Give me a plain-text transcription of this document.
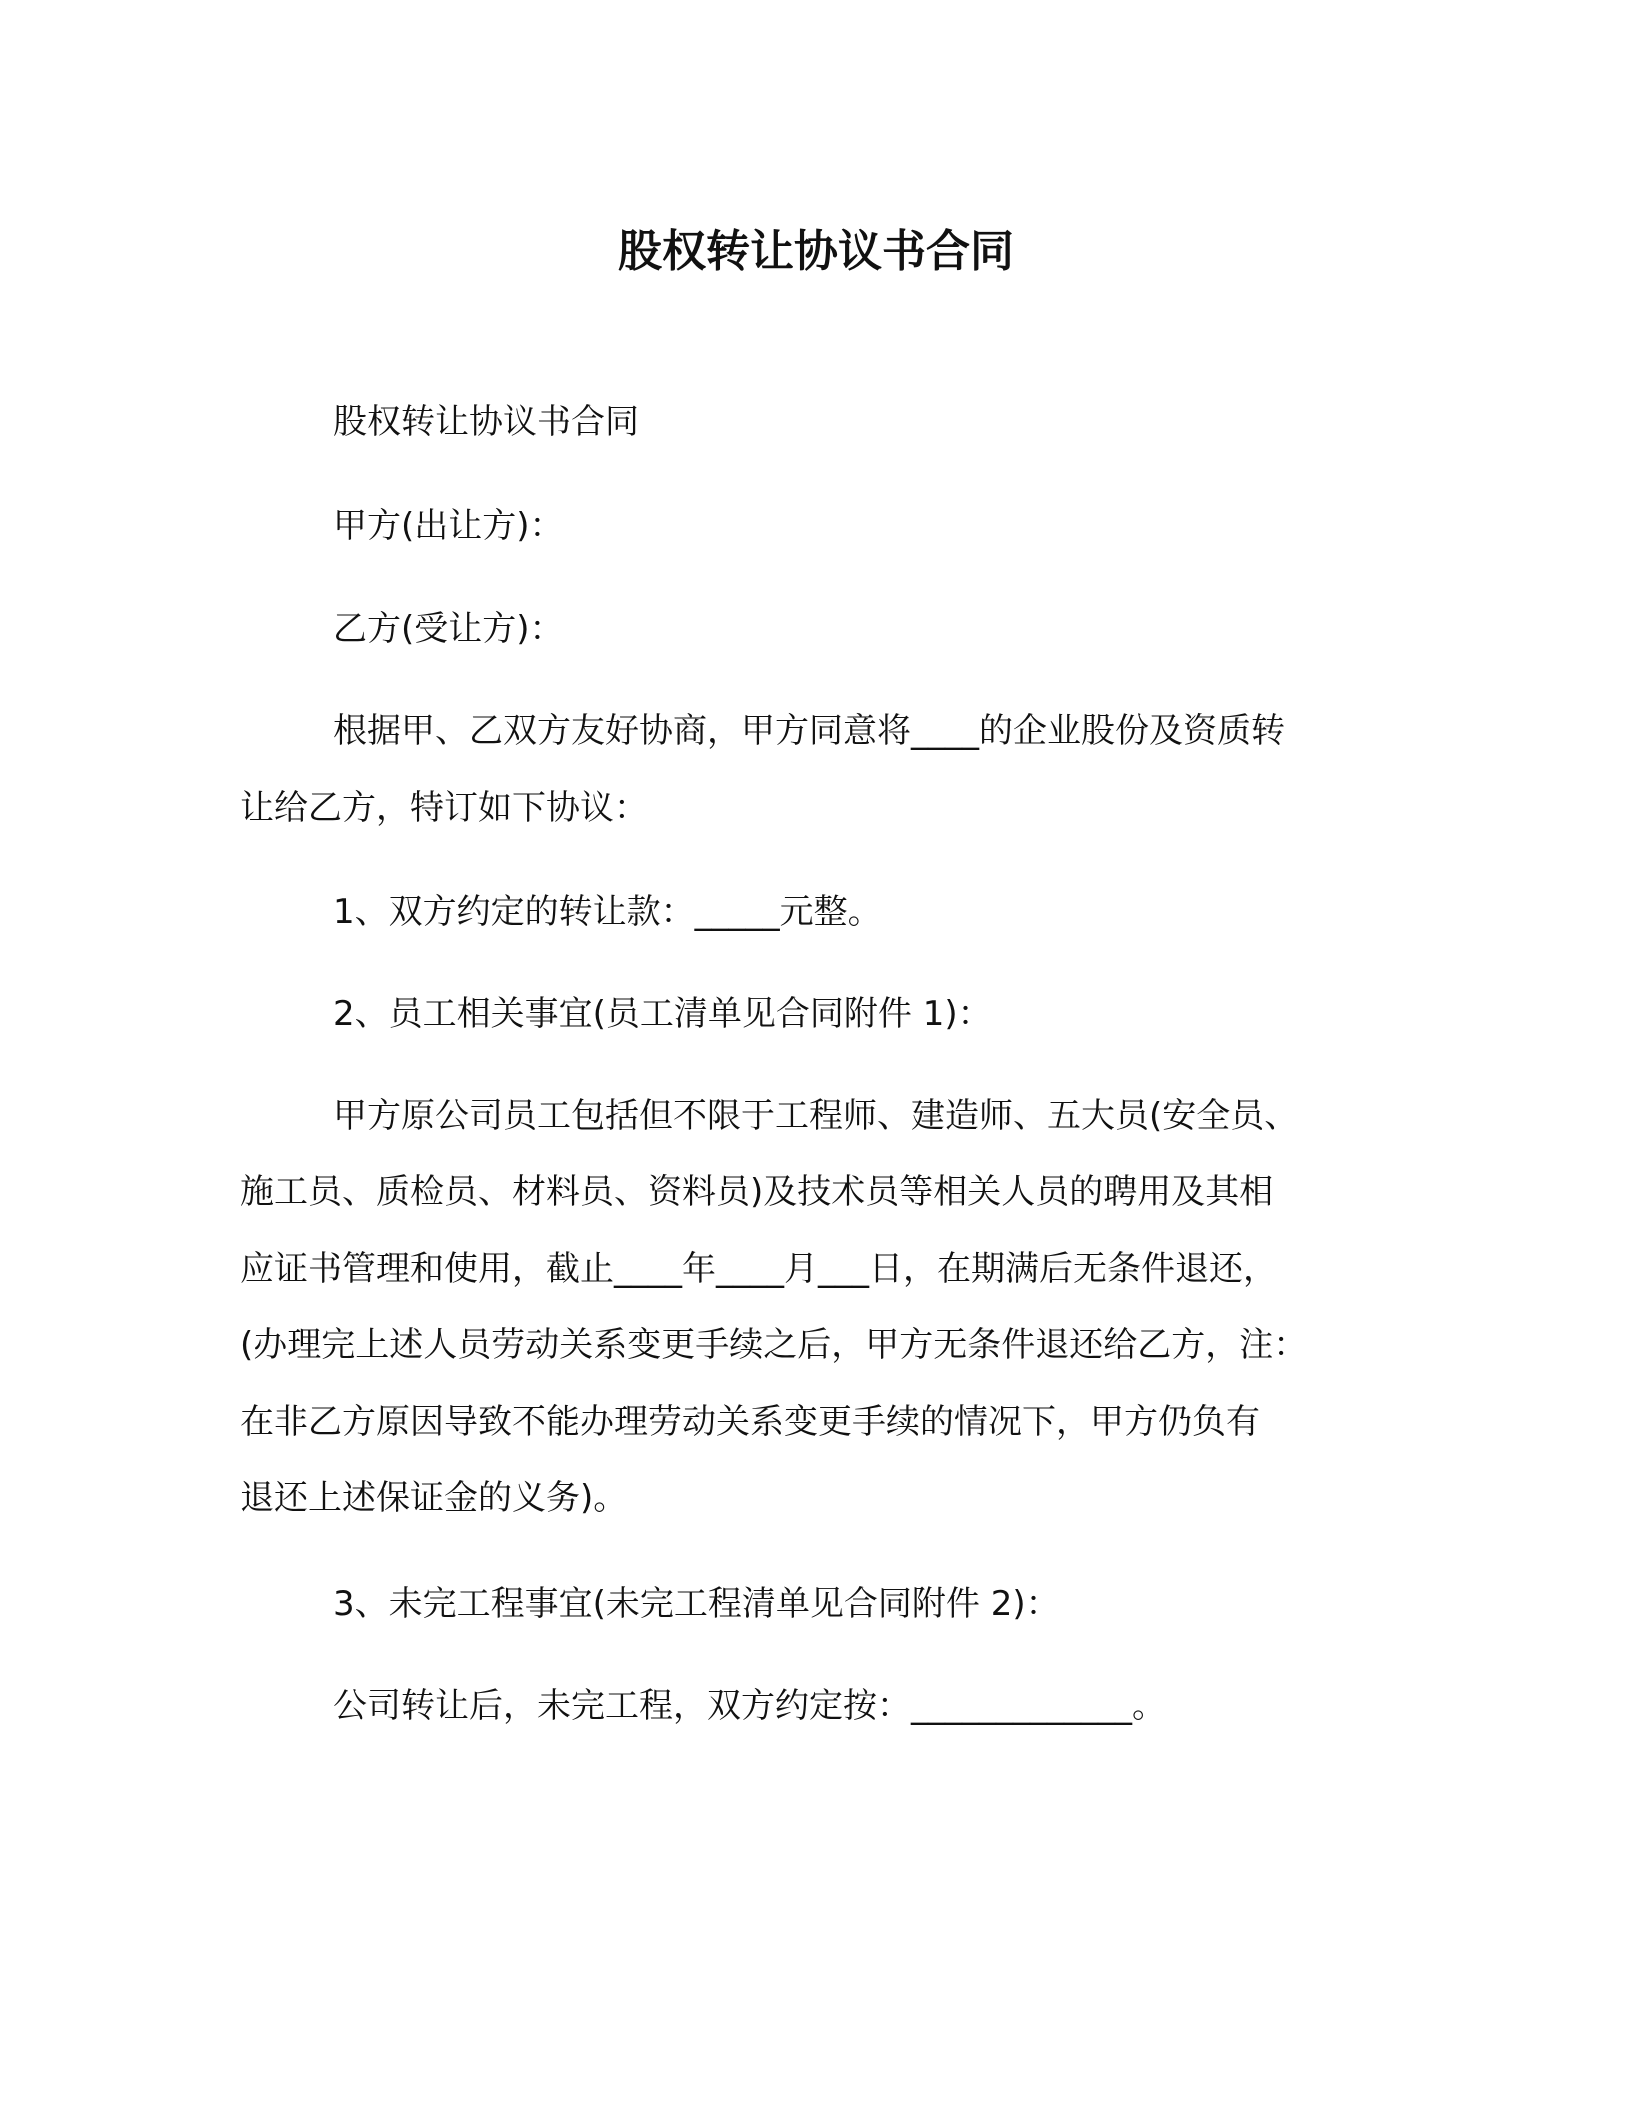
股权转让协议书合同
股权转让协议书合同
甲方(出让方)：
乙方(受让方)：
根据甲、乙双方友好协商，甲方同意将____的企业股份及资质转
让给乙方，特订如下协议：
1、双方约定的转让款：_____元整。
2、员工相关事宜(员工清单见合同附件 1)：
甲方原公司员工包括但不限于工程师、建造师、五大员(安全员、
施工员、质检员、材料员、资料员)及技术员等相关人员的聘用及其相
应证书管理和使用，截止____年____月___日，在期满后无条件退还，
(办理完上述人员劳动关系变更手续之后，甲方无条件退还给乙方，注：
在非乙方原因导致不能办理劳动关系变更手续的情况下，甲方仍负有
退还上述保证金的义务)。
3、未完工程事宜(未完工程清单见合同附件 2)：
公司转让后，未完工程，双方约定按：_____________。
